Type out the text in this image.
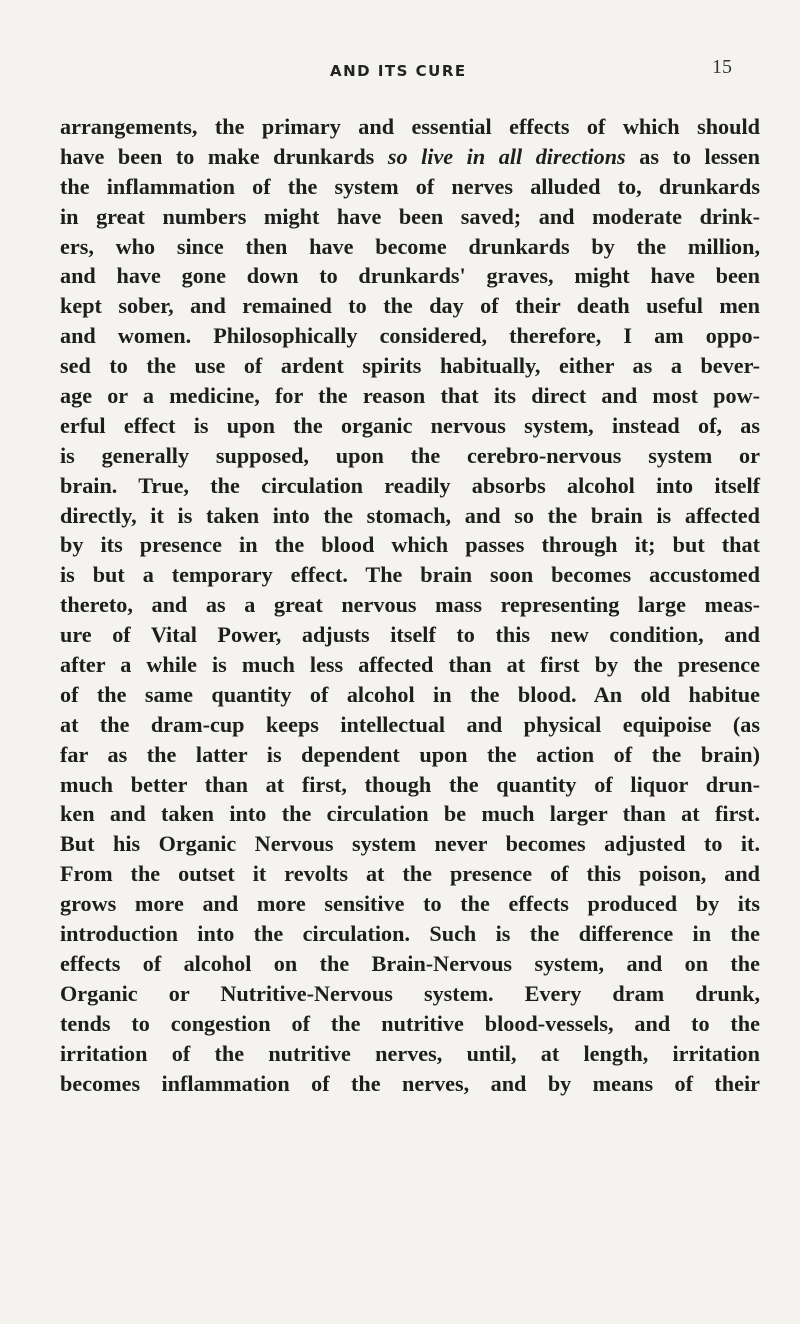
AND ITS CURE	15
arrangements, the primary and essential effects of which should
have been to make drunkards so live in all directions as to lessen
the inflammation of the system of nerves alluded to, drunkards
in great numbers might have been saved; and moderate drink-
ers, who since then have become drunkards by the million,
and have gone down to drunkards' graves, might have been
kept sober, and remained to the day of their death useful men
and women. Philosophically considered, therefore, I am oppo-
sed to the use of ardent spirits habitually, either as a bever-
age or a medicine, for the reason that its direct and most pow-
erful effect is upon the organic nervous system, instead of, as
is generally supposed, upon the cerebro-nervous system or
brain. True, the circulation readily absorbs alcohol into itself
directly, it is taken into the stomach, and so the brain is affected
by its presence in the blood which passes through it; but that
is but a temporary effect. The brain soon becomes accustomed
thereto, and as a great nervous mass representing large meas-
ure of Vital Power, adjusts itself to this new condition, and
after a while is much less affected than at first by the presence
of the same quantity of alcohol in the blood. An old habitue
at the dram-cup keeps intellectual and physical equipoise (as
far as the latter is dependent upon the action of the brain)
much better than at first, though the quantity of liquor drun-
ken and taken into the circulation be much larger than at first.
But his Organic Nervous system never becomes adjusted to it.
From the outset it revolts at the presence of this poison, and
grows more and more sensitive to the effects produced by its
introduction into the circulation. Such is the difference in the
effects of alcohol on the Brain-Nervous system, and on the
Organic or Nutritive-Nervous system. Every dram drunk,
tends to congestion of the nutritive blood-vessels, and to the
irritation of the nutritive nerves, until, at length, irritation
becomes inflammation of the nerves, and by means of their
